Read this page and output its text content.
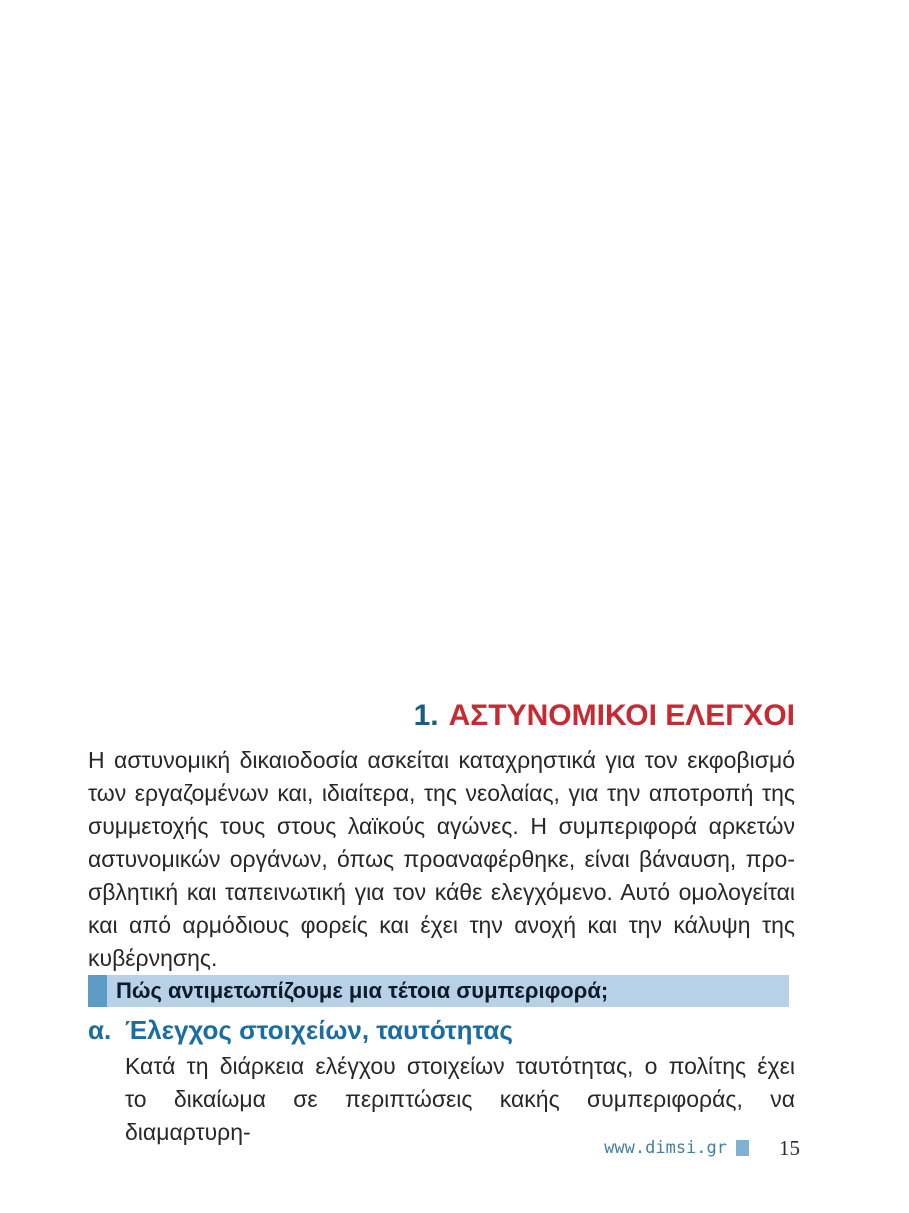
1. ΑΣΤΥΝΟΜΙΚΟΙ ΕΛΕΓΧΟΙ
Η αστυνομική δικαιοδοσία ασκείται καταχρηστικά για τον εκφοβισμό
των εργαζομένων και, ιδιαίτερα, της νεολαίας, για την αποτροπή της
συμμετοχής τους στους λαϊκούς αγώνες. Η συμπεριφορά αρκετών
αστυνομικών οργάνων, όπως προαναφέρθηκε, είναι βάναυση, προ-
σβλητική και ταπεινωτική για τον κάθε ελεγχόμενο. Αυτό ομολογείται
και από αρμόδιους φορείς και έχει την ανοχή και την κάλυψη της
κυβέρνησης.
Πώς αντιμετωπίζουμε μια τέτοια συμπεριφορά;
α. Έλεγχος στοιχείων, ταυτότητας
Κατά τη διάρκεια ελέγχου στοιχείων ταυτότητας, ο πολίτης έχει
το δικαίωμα σε περιπτώσεις κακής συμπεριφοράς, να διαμαρτυρη-
www.dimsi.gr 15
